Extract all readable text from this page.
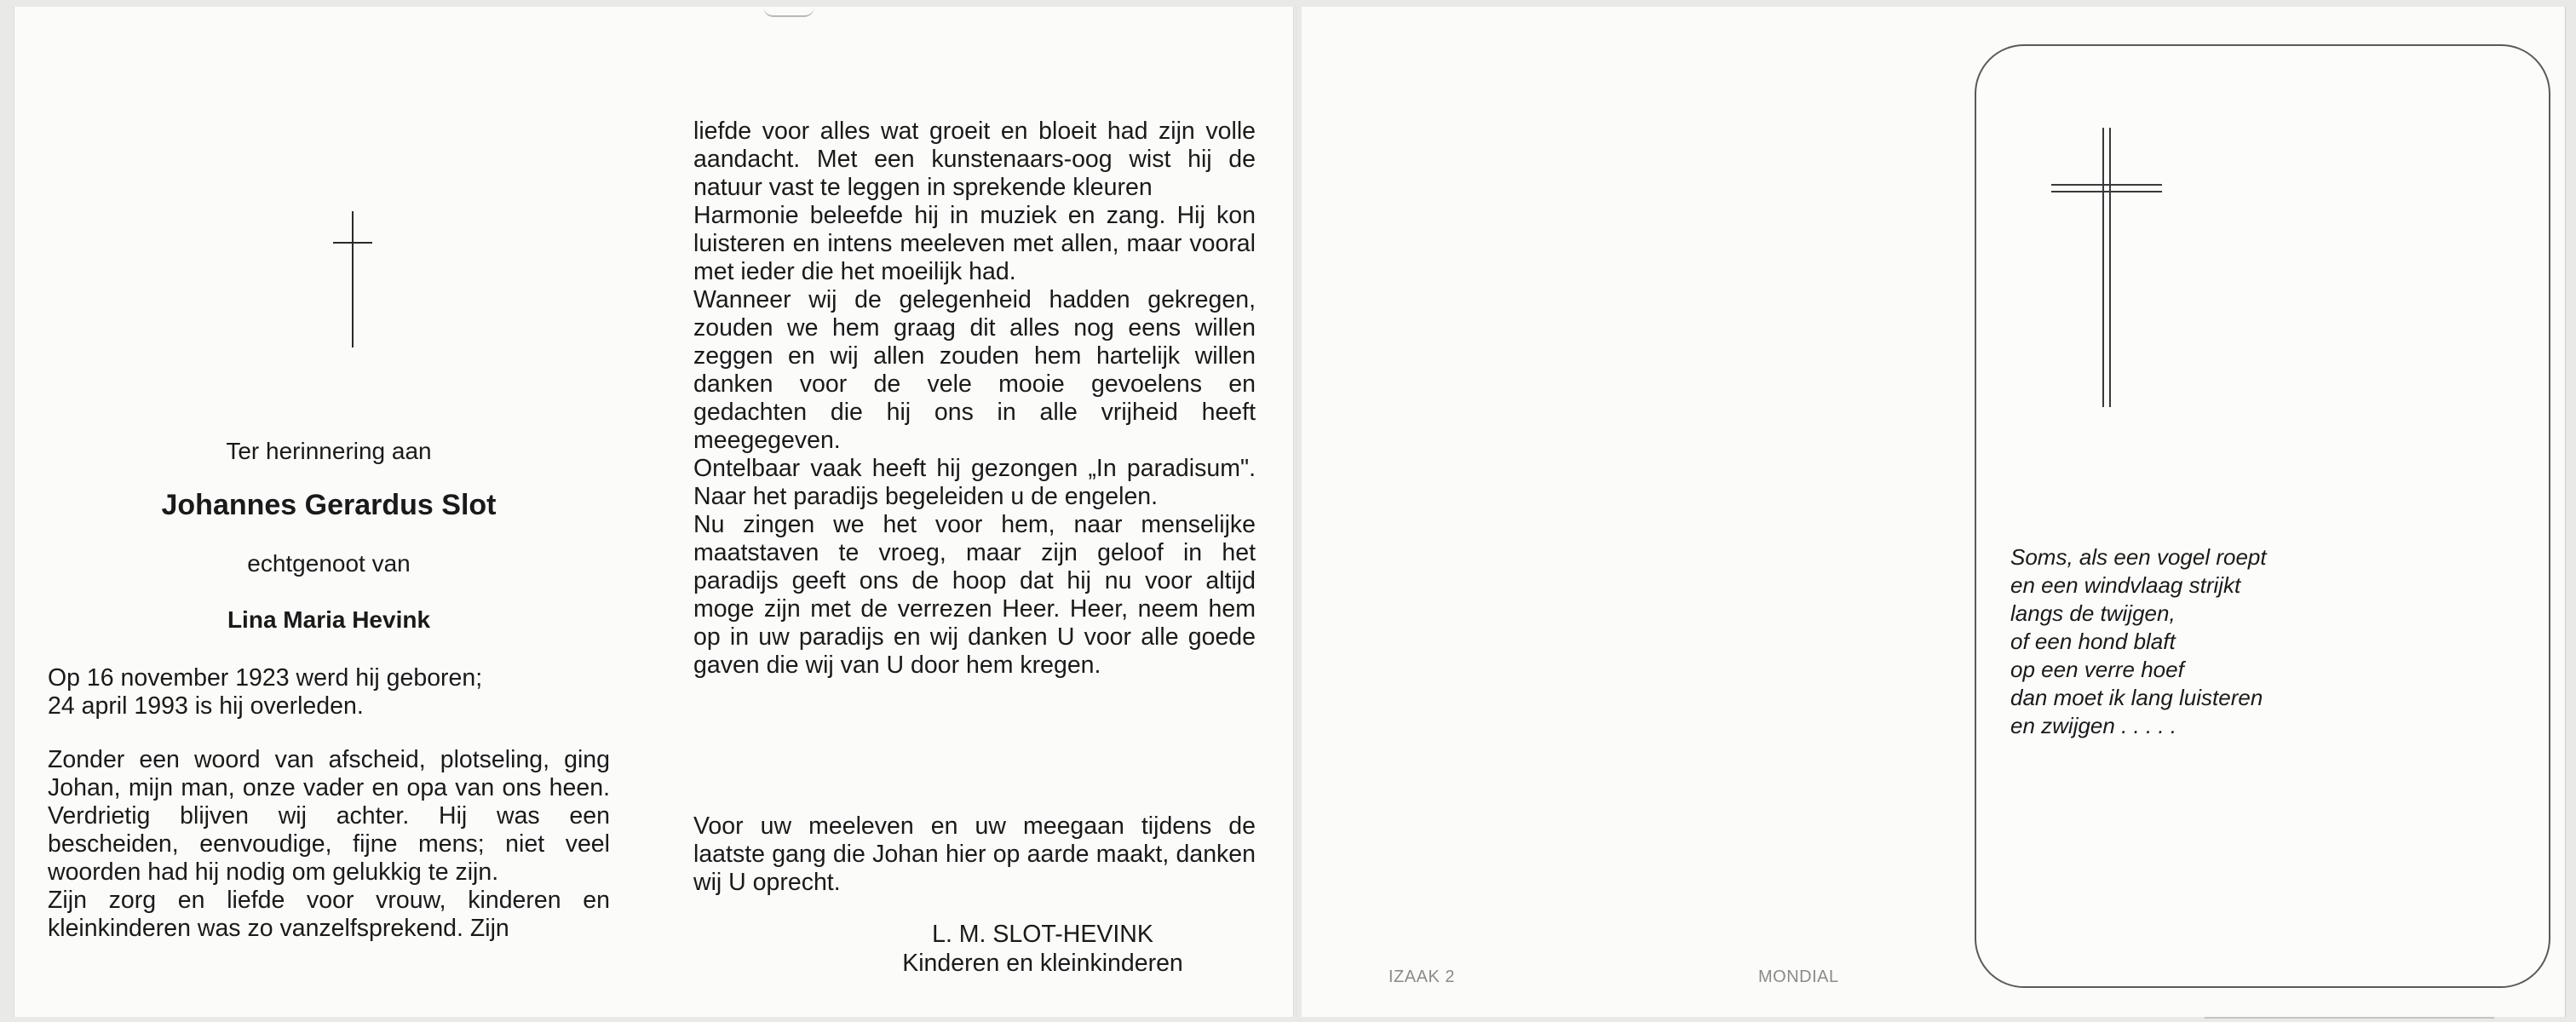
Ter herinnering aan
Johannes Gerardus Slot
echtgenoot van
Lina Maria Hevink
Op 16 november 1923 werd hij geboren;
24 april 1993 is hij overleden.
Zonder een woord van afscheid, plotseling, ging Johan, mijn man, onze vader en opa van ons heen. Verdrietig blijven wij achter. Hij was een bescheiden, eenvoudige, fijne mens; niet veel woorden had hij nodig om gelukkig te zijn.
Zijn zorg en liefde voor vrouw, kinderen en kleinkinderen was zo vanzelfsprekend. Zijn
liefde voor alles wat groeit en bloeit had zijn volle aandacht. Met een kunstenaars-oog wist hij de natuur vast te leggen in sprekende kleuren
Harmonie beleefde hij in muziek en zang. Hij kon luisteren en intens meeleven met allen, maar vooral met ieder die het moeilijk had.
Wanneer wij de gelegenheid hadden gekregen, zouden we hem graag dit alles nog eens willen zeggen en wij allen zouden hem hartelijk willen danken voor de vele mooie gevoelens en gedachten die hij ons in alle vrijheid heeft meegegeven.
Ontelbaar vaak heeft hij gezongen „In paradisum". Naar het paradijs begeleiden u de engelen.
Nu zingen we het voor hem, naar menselijke maatstaven te vroeg, maar zijn geloof in het paradijs geeft ons de hoop dat hij nu voor altijd moge zijn met de verrezen Heer. Heer, neem hem op in uw paradijs en wij danken U voor alle goede gaven die wij van U door hem kregen.
Voor uw meeleven en uw meegaan tijdens de laatste gang die Johan hier op aarde maakt, danken wij U oprecht.
L. M. SLOT-HEVINK
Kinderen en kleinkinderen	IZAAK 2	MONDIAL
Soms, als een vogel roept
en een windvlaag strijkt
langs de twijgen,
of een hond blaft
op een verre hoef
dan moet ik lang luisteren
en zwijgen . . . . .
